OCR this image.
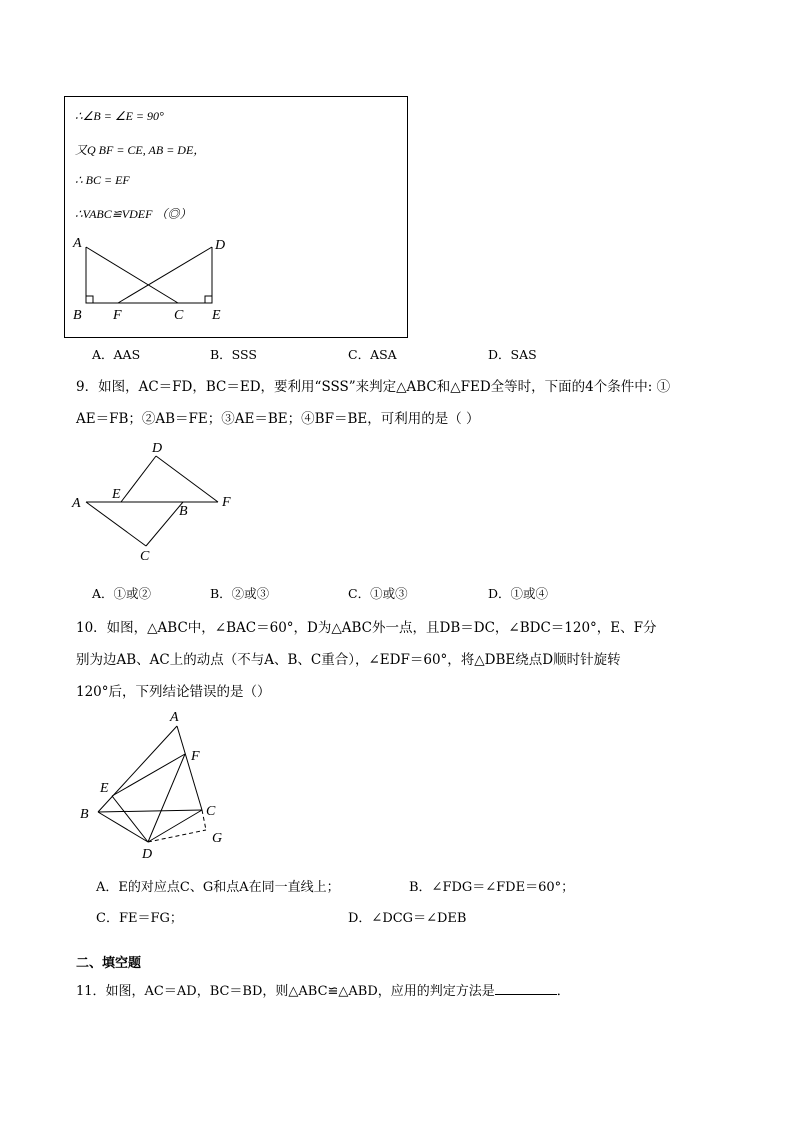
∴∠B = ∠E = 90°
又Q BF = CE, AB = DE，
∴ BC = EF
∴VABC≌VDEF （◎）
A	D
B F	C E
A．AAS	B．SSS	C．ASA	D．SAS
9．如图，AC＝FD，BC＝ED，要利用“SSS”来判定△ABC和△FED全等时，下面的4个条件中: ①
AE＝FB；②AB＝FE；③AE＝BE；④BF＝BE，可利用的是（ ）
D
E
A	F
B
C
A．①或②	B．②或③	C．①或③	D．①或④
10．如图，△ABC中，∠BAC＝60°，D为△ABC外一点，且DB＝DC，∠BDC＝120°，E、F分
别为边AB、AC上的动点（不与A、B、C重合），∠EDF＝60°，将△DBE绕点D顺时针旋转
120°后，下列结论错误的是（）
A
F
E
B	C
G
D
A．E的对应点C、G和点A在同一直线上；	B．∠FDG＝∠FDE＝60°；
C．FE＝FG；	D．∠DCG＝∠DEB
二、填空题
11．如图，AC＝AD，BC＝BD，则△ABC≌△ABD，应用的判定方法是	．
